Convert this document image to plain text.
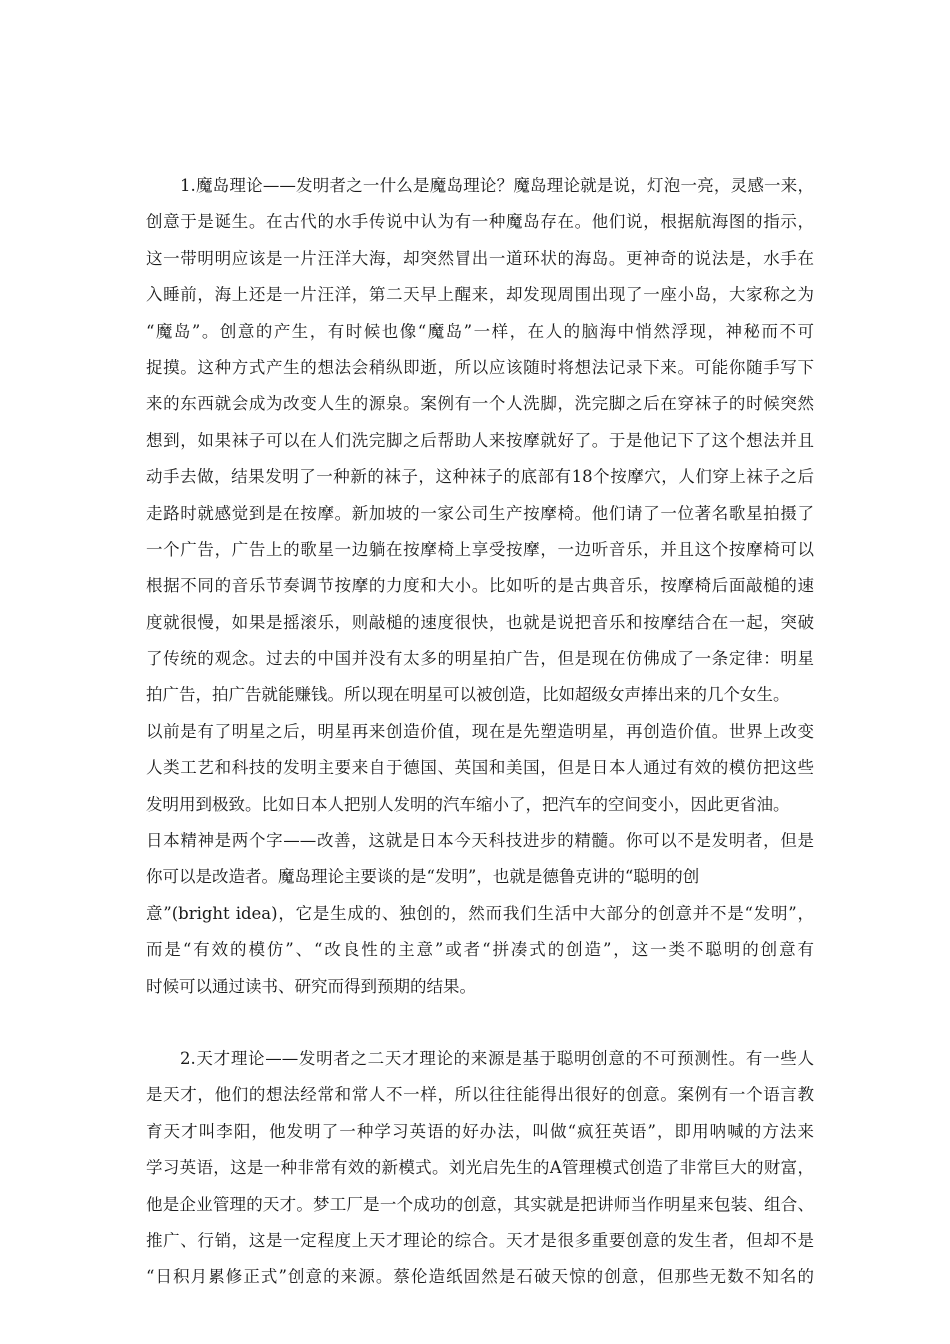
1.魔岛理论——发明者之一什么是魔岛理论？魔岛理论就是说，灯泡一亮，灵感一来，
创意于是诞生。在古代的水手传说中认为有一种魔岛存在。他们说，根据航海图的指示，
这一带明明应该是一片汪洋大海，却突然冒出一道环状的海岛。更神奇的说法是，水手在
入睡前，海上还是一片汪洋，第二天早上醒来，却发现周围出现了一座小岛，大家称之为
“魔岛”。创意的产生，有时候也像“魔岛”一样，在人的脑海中悄然浮现，神秘而不可
捉摸。这种方式产生的想法会稍纵即逝，所以应该随时将想法记录下来。可能你随手写下
来的东西就会成为改变人生的源泉。案例有一个人洗脚，洗完脚之后在穿袜子的时候突然
想到，如果袜子可以在人们洗完脚之后帮助人来按摩就好了。于是他记下了这个想法并且
动手去做，结果发明了一种新的袜子，这种袜子的底部有18个按摩穴，人们穿上袜子之后
走路时就感觉到是在按摩。新加坡的一家公司生产按摩椅。他们请了一位著名歌星拍摄了
一个广告，广告上的歌星一边躺在按摩椅上享受按摩，一边听音乐，并且这个按摩椅可以
根据不同的音乐节奏调节按摩的力度和大小。比如听的是古典音乐，按摩椅后面敲槌的速
度就很慢，如果是摇滚乐，则敲槌的速度很快，也就是说把音乐和按摩结合在一起，突破
了传统的观念。过去的中国并没有太多的明星拍广告，但是现在仿佛成了一条定律：明星
拍广告，拍广告就能赚钱。所以现在明星可以被创造，比如超级女声捧出来的几个女生。
以前是有了明星之后，明星再来创造价值，现在是先塑造明星，再创造价值。世界上改变
人类工艺和科技的发明主要来自于德国、英国和美国，但是日本人通过有效的模仿把这些
发明用到极致。比如日本人把别人发明的汽车缩小了，把汽车的空间变小，因此更省油。
日本精神是两个字——改善，这就是日本今天科技进步的精髓。你可以不是发明者，但是
你可以是改造者。魔岛理论主要谈的是“发明”，也就是德鲁克讲的“聪明的创
意”(bright idea)，它是生成的、独创的，然而我们生活中大部分的创意并不是“发明”，
而是“有效的模仿”、“改良性的主意”或者“拼凑式的创造”，这一类不聪明的创意有
时候可以通过读书、研究而得到预期的结果。
2.天才理论——发明者之二天才理论的来源是基于聪明创意的不可预测性。有一些人
是天才，他们的想法经常和常人不一样，所以往往能得出很好的创意。案例有一个语言教
育天才叫李阳，他发明了一种学习英语的好办法，叫做“疯狂英语”，即用呐喊的方法来
学习英语，这是一种非常有效的新模式。刘光启先生的A管理模式创造了非常巨大的财富，
他是企业管理的天才。梦工厂是一个成功的创意，其实就是把讲师当作明星来包装、组合、
推广、行销，这是一定程度上天才理论的综合。天才是很多重要创意的发生者，但却不是
“日积月累修正式”创意的来源。蔡伦造纸固然是石破天惊的创意，但那些无数不知名的
